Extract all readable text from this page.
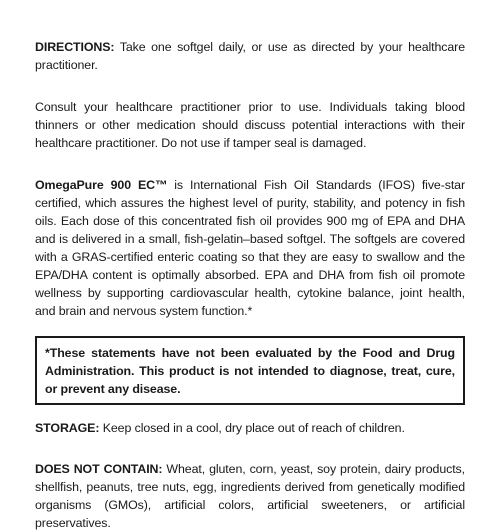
DIRECTIONS: Take one softgel daily, or use as directed by your healthcare practitioner.

Consult your healthcare practitioner prior to use. Individuals taking blood thinners or other medication should discuss potential interactions with their healthcare practitioner. Do not use if tamper seal is damaged.

OmegaPure 900 EC™ is International Fish Oil Standards (IFOS) five-star certified, which assures the highest level of purity, stability, and potency in fish oils. Each dose of this concentrated fish oil provides 900 mg of EPA and DHA and is delivered in a small, fish-gelatin–based softgel. The softgels are covered with a GRAS-certified enteric coating so that they are easy to swallow and the EPA/DHA content is optimally absorbed. EPA and DHA from fish oil promote wellness by supporting cardiovascular health, cytokine balance, joint health, and brain and nervous system function.*

*These statements have not been evaluated by the Food and Drug Administration. This product is not intended to diagnose, treat, cure, or prevent any disease.

STORAGE: Keep closed in a cool, dry place out of reach of children.

DOES NOT CONTAIN: Wheat, gluten, corn, yeast, soy protein, dairy products, shellfish, peanuts, tree nuts, egg, ingredients derived from genetically modified organisms (GMOs), artificial colors, artificial sweeteners, or artificial preservatives.
